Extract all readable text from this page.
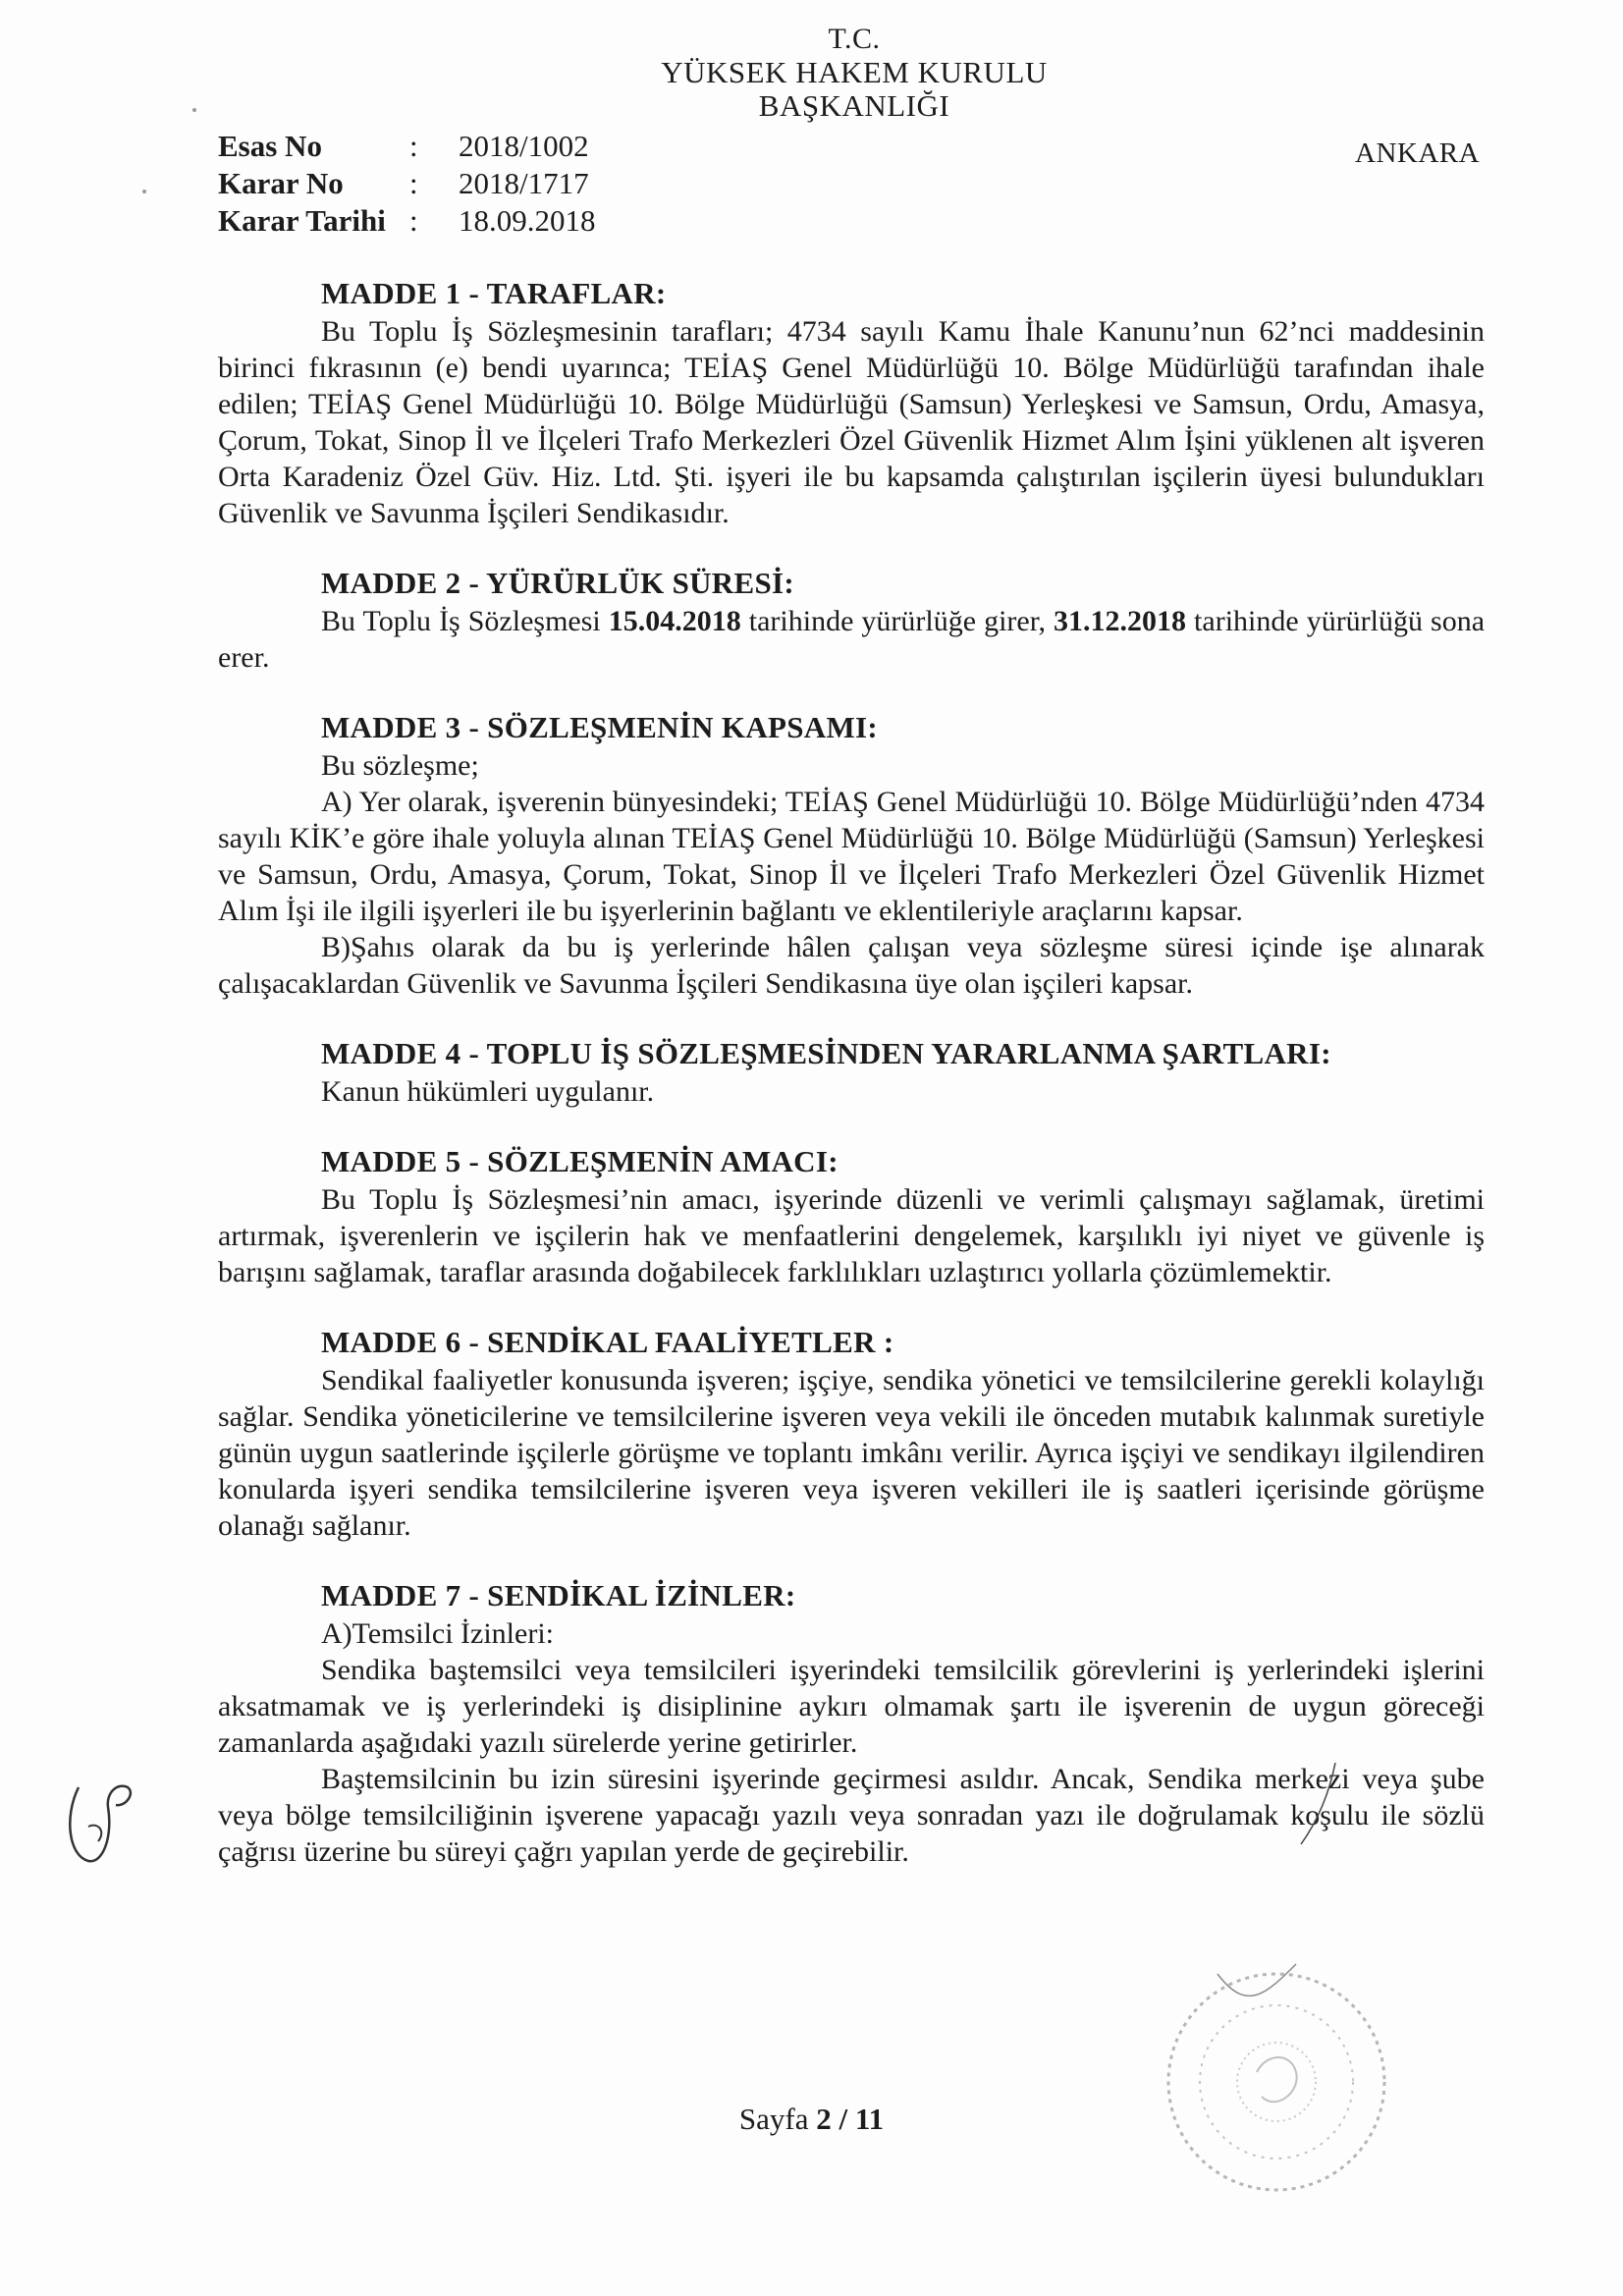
T.C.
YÜKSEK HAKEM KURULU
BAŞKANLIĞI
Esas No	:	2018/1002
Karar No	:	2018/1717
Karar Tarihi :	18.09.2018
ANKARA
MADDE 1 - TARAFLAR:

Bu Toplu İş Sözleşmesinin tarafları; 4734 sayılı Kamu İhale Kanunu’nun 62’nci maddesinin birinci fıkrasının (e) bendi uyarınca; TEİAŞ Genel Müdürlüğü 10. Bölge Müdürlüğü tarafından ihale edilen; TEİAŞ Genel Müdürlüğü 10. Bölge Müdürlüğü (Samsun) Yerleşkesi ve Samsun, Ordu, Amasya, Çorum, Tokat, Sinop İl ve İlçeleri Trafo Merkezleri Özel Güvenlik Hizmet Alım İşini yüklenen alt işveren Orta Karadeniz Özel Güv. Hiz. Ltd. Şti. işyeri ile bu kapsamda çalıştırılan işçilerin üyesi bulundukları Güvenlik ve Savunma İşçileri Sendikasıdır.

MADDE 2 - YÜRÜRLÜK SÜRESİ:

Bu Toplu İş Sözleşmesi 15.04.2018 tarihinde yürürlüğe girer, 31.12.2018 tarihinde yürürlüğü sona erer.

MADDE 3 - SÖZLEŞMENİN KAPSAMI:

Bu sözleşme;

A) Yer olarak, işverenin bünyesindeki; TEİAŞ Genel Müdürlüğü 10. Bölge Müdürlüğü’nden 4734 sayılı KİK’e göre ihale yoluyla alınan TEİAŞ Genel Müdürlüğü 10. Bölge Müdürlüğü (Samsun) Yerleşkesi ve Samsun, Ordu, Amasya, Çorum, Tokat, Sinop İl ve İlçeleri Trafo Merkezleri Özel Güvenlik Hizmet Alım İşi ile ilgili işyerleri ile bu işyerlerinin bağlantı ve eklentileriyle araçlarını kapsar.

B)Şahıs olarak da bu iş yerlerinde hâlen çalışan veya sözleşme süresi içinde işe alınarak çalışacaklardan Güvenlik ve Savunma İşçileri Sendikasına üye olan işçileri kapsar.

MADDE 4 - TOPLU İŞ SÖZLEŞMESİNDEN YARARLANMA ŞARTLARI:

Kanun hükümleri uygulanır.

MADDE 5 - SÖZLEŞMENİN AMACI:

Bu Toplu İş Sözleşmesi’nin amacı, işyerinde düzenli ve verimli çalışmayı sağlamak, üretimi artırmak, işverenlerin ve işçilerin hak ve menfaatlerini dengelemek, karşılıklı iyi niyet ve güvenle iş barışını sağlamak, taraflar arasında doğabilecek farklılıkları uzlaştırıcı yollarla çözümlemektir.

MADDE 6 - SENDİKAL FAALİYETLER :

Sendikal faaliyetler konusunda işveren; işçiye, sendika yönetici ve temsilcilerine gerekli kolaylığı sağlar. Sendika yöneticilerine ve temsilcilerine işveren veya vekili ile önceden mutabık kalınmak suretiyle günün uygun saatlerinde işçilerle görüşme ve toplantı imkânı verilir. Ayrıca işçiyi ve sendikayı ilgilendiren konularda işyeri sendika temsilcilerine işveren veya işveren vekilleri ile iş saatleri içerisinde görüşme olanağı sağlanır.

MADDE 7 - SENDİKAL İZİNLER:

A)Temsilci İzinleri:

Sendika baştemsilci veya temsilcileri işyerindeki temsilcilik görevlerini iş yerlerindeki işlerini aksatmamak ve iş yerlerindeki iş disiplinine aykırı olmamak şartı ile işverenin de uygun göreceği zamanlarda aşağıdaki yazılı sürelerde yerine getirirler.

Baştemsilcinin bu izin süresini işyerinde geçirmesi asıldır. Ancak, Sendika merkezi veya şube veya bölge temsilciliğinin işverene yapacağı yazılı veya sonradan yazı ile doğrulamak koşulu ile sözlü çağrısı üzerine bu süreyi çağrı yapılan yerde de geçirebilir.

Sayfa 2 / 11
